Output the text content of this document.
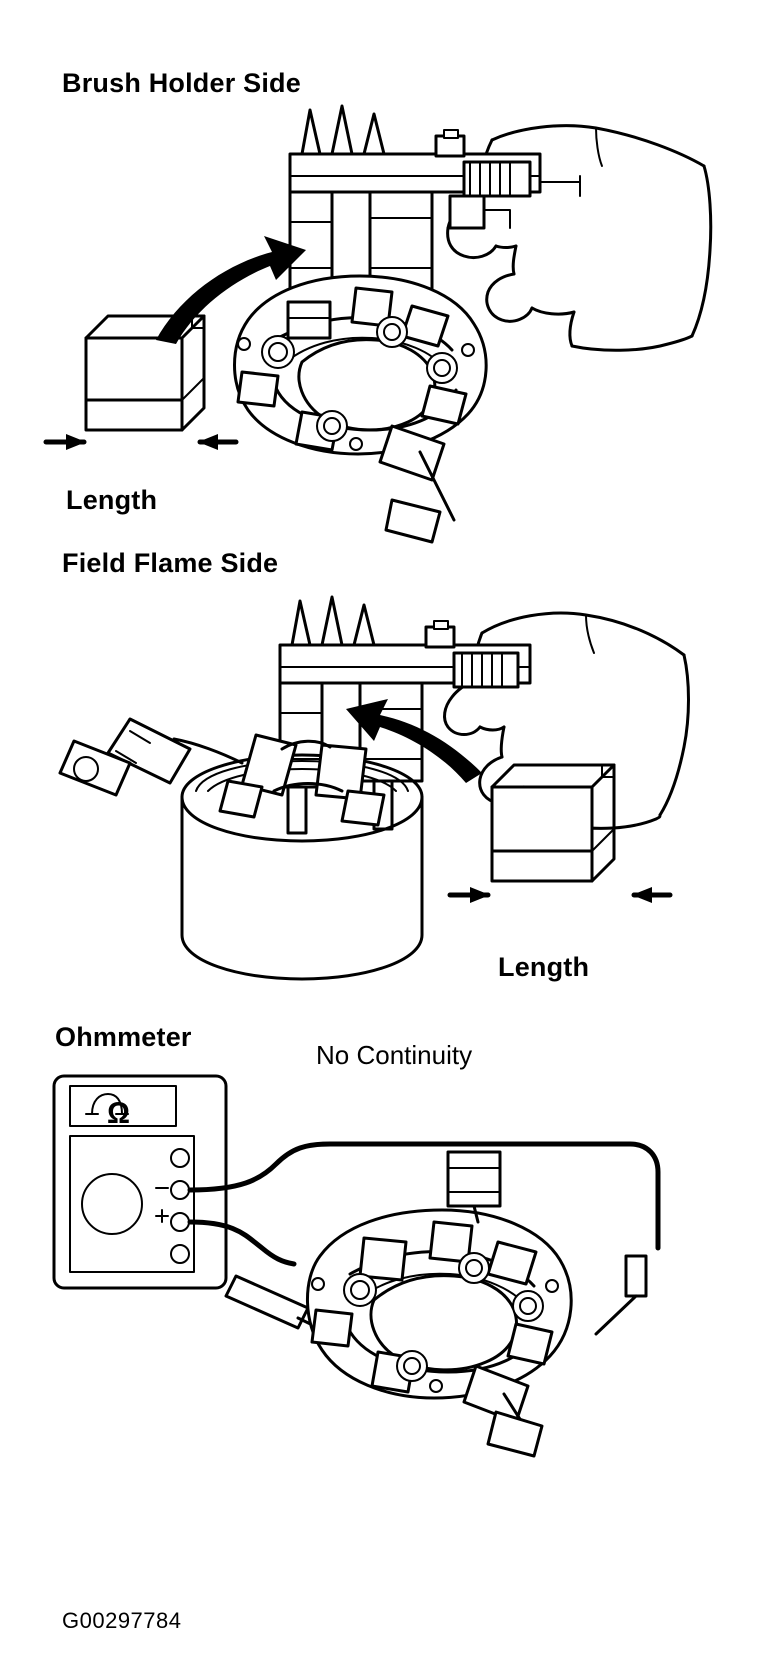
Brush Holder Side
Length
Field Flame Side
Length
Ohmmeter
No Continuity
Ω
G00297784
